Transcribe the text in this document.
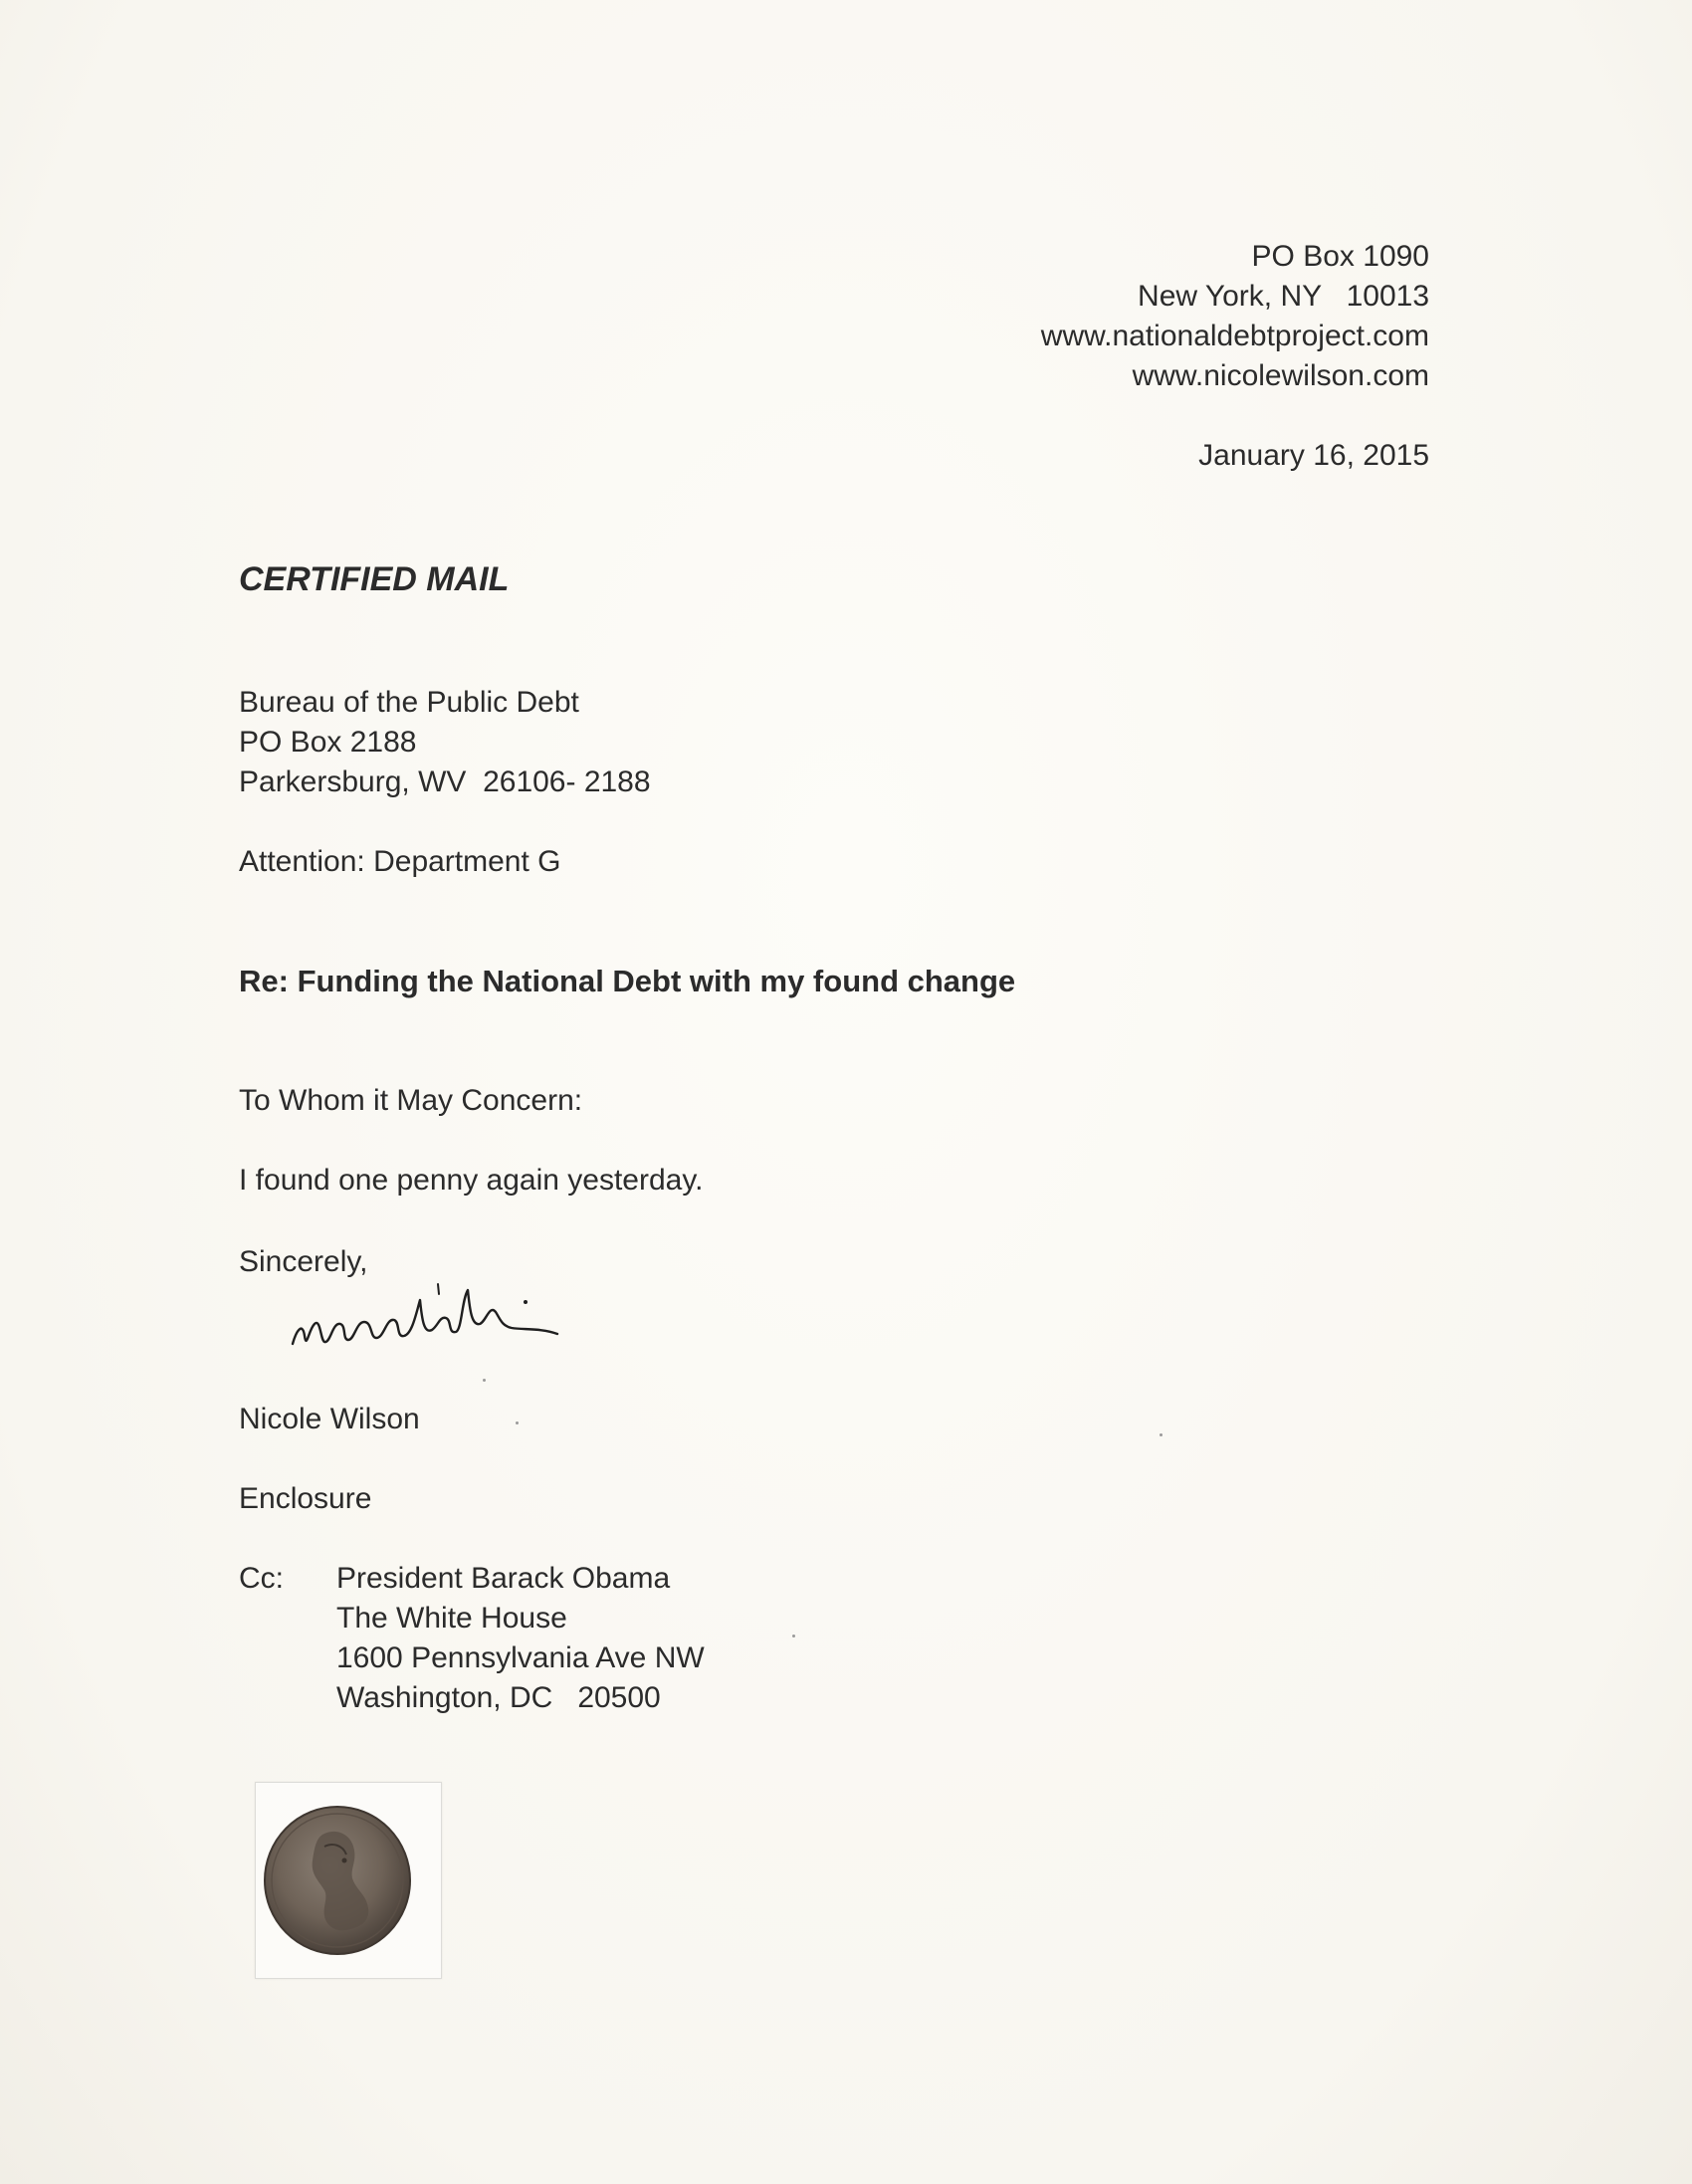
PO Box 1090
New York, NY   10013
www.nationaldebtproject.com
www.nicolewilson.com
January 16, 2015
CERTIFIED MAIL
Bureau of the Public Debt
PO Box 2188
Parkersburg, WV  26106- 2188
Attention: Department G
Re: Funding the National Debt with my found change
To Whom it May Concern:
I found one penny again yesterday.
Sincerely,
Nicole Wilson
Enclosure
Cc: President Barack Obama
The White House
1600 Pennsylvania Ave NW
Washington, DC   20500
